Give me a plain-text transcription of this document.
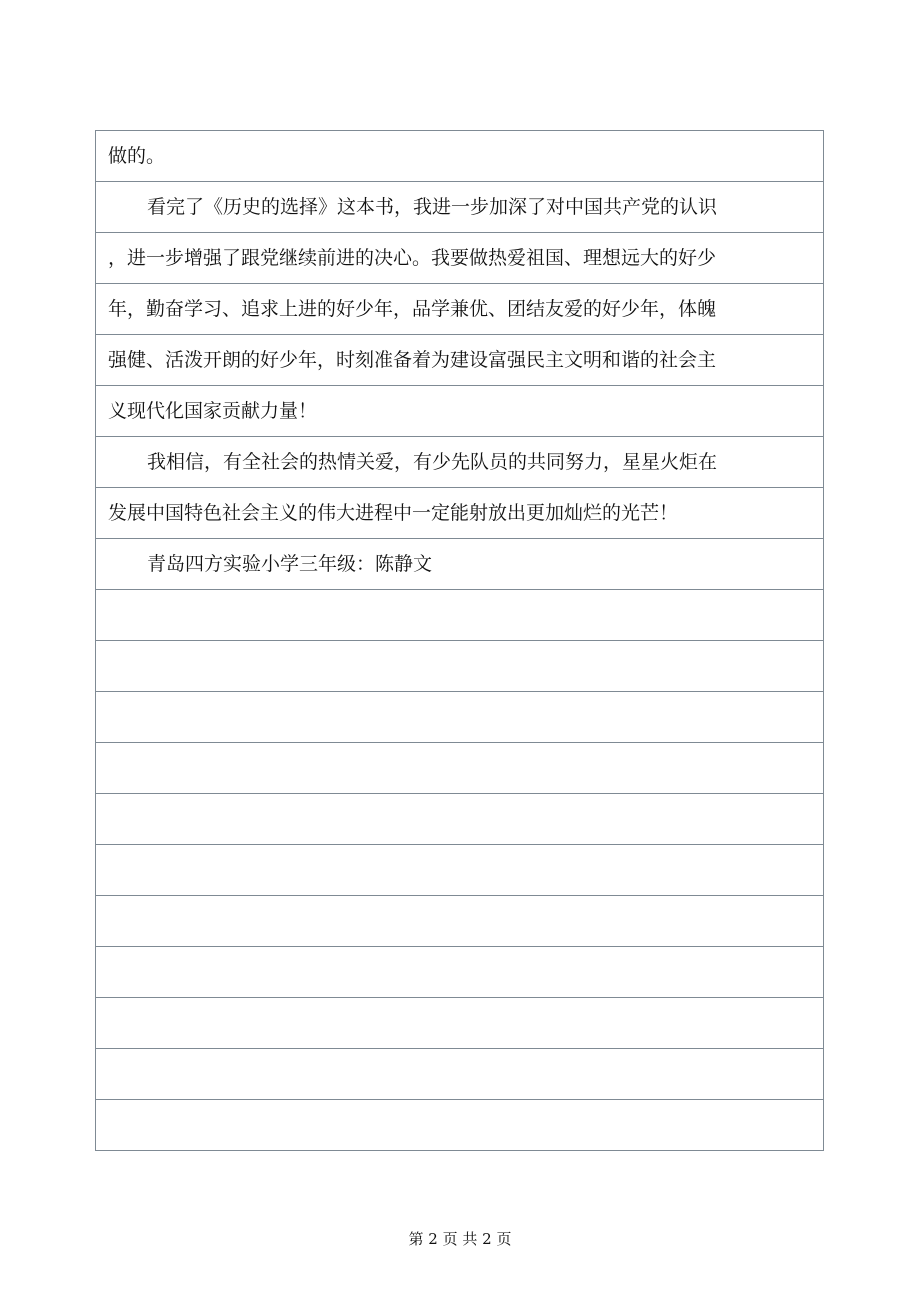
做的。
看完了《历史的选择》这本书，我进一步加深了对中国共产党的认识
，进一步增强了跟党继续前进的决心。我要做热爱祖国、理想远大的好少
年，勤奋学习、追求上进的好少年，品学兼优、团结友爱的好少年，体魄
强健、活泼开朗的好少年，时刻准备着为建设富强民主文明和谐的社会主
义现代化国家贡献力量！
我相信，有全社会的热情关爱，有少先队员的共同努力，星星火炬在
发展中国特色社会主义的伟大进程中一定能射放出更加灿烂的光芒！
青岛四方实验小学三年级：陈静文
第 2 页 共 2 页
